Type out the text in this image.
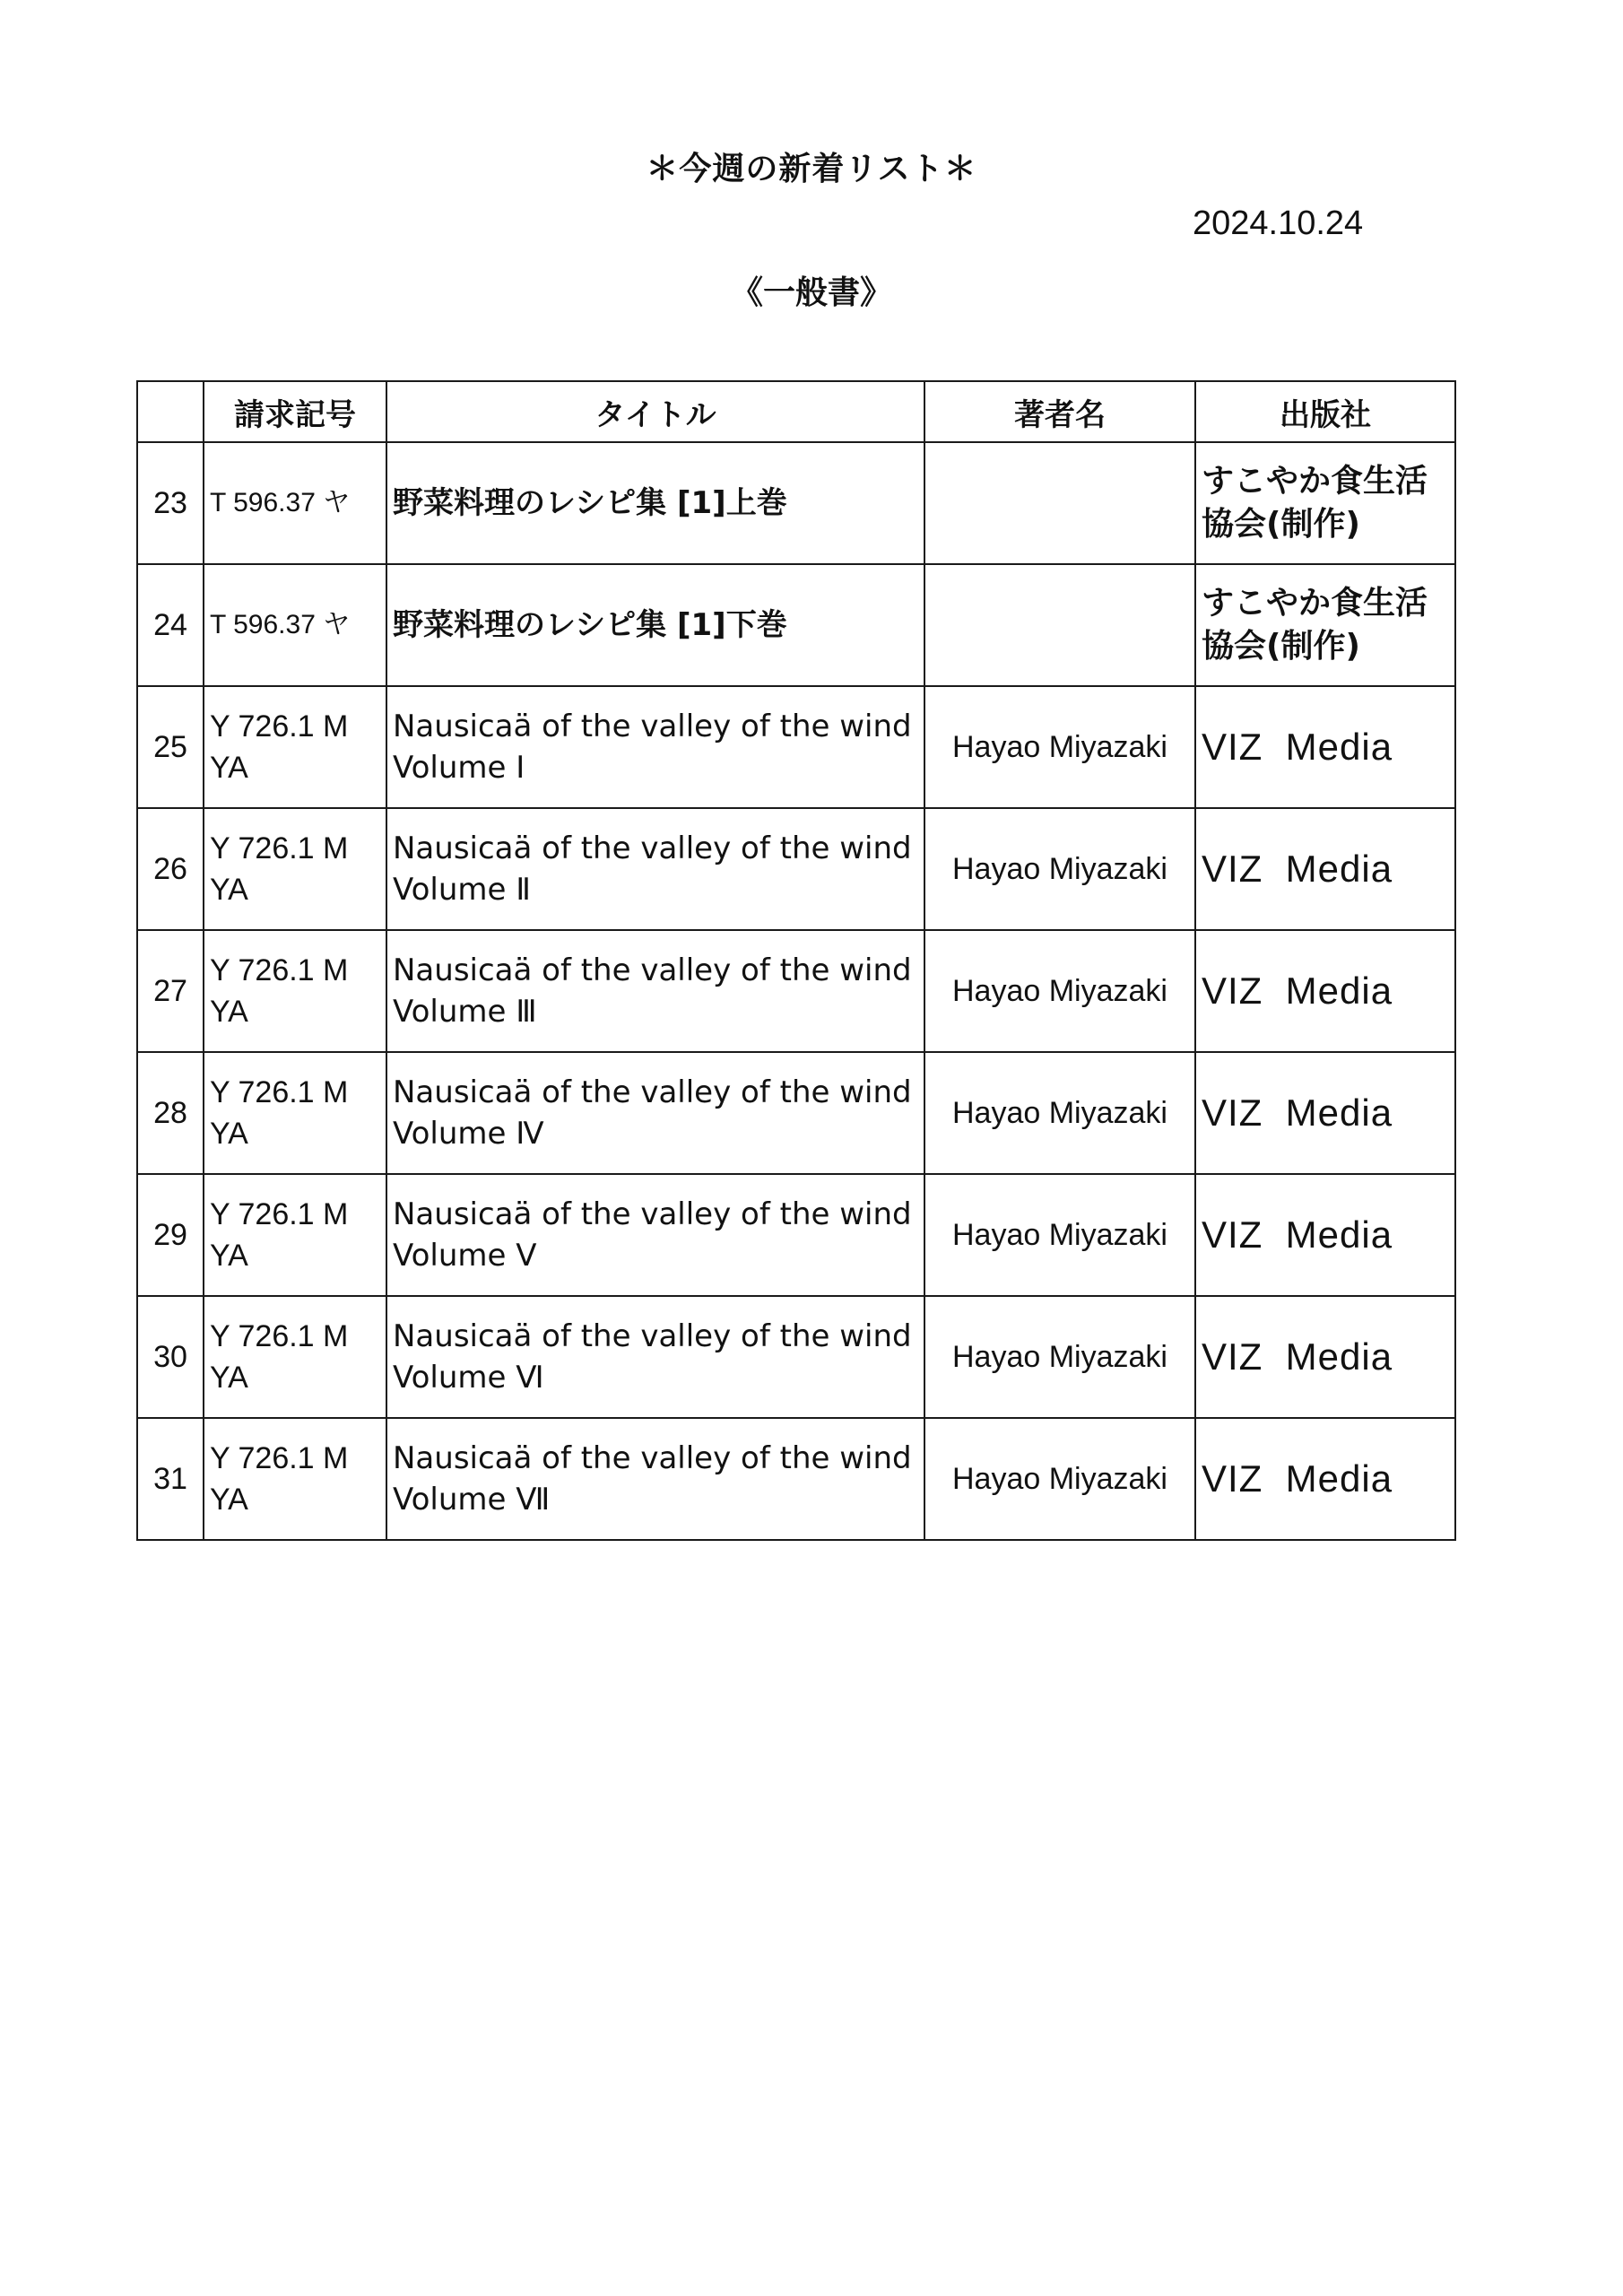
＊今週の新着リスト＊
2024.10.24
《一般書》
	請求記号	タイトル	著者名	出版社
23	T 596.37 ヤ	野菜料理のレシピ集 [1]上巻		すこやか食生活協会(制作)
24	T 596.37 ヤ	野菜料理のレシピ集 [1]下巻		すこやか食生活協会(制作)
25	Y 726.1 M YA	Nausicaä of the valley of the wind Volume Ⅰ	Hayao Miyazaki	VIZ  Media
26	Y 726.1 M YA	Nausicaä of the valley of the wind Volume Ⅱ	Hayao Miyazaki	VIZ  Media
27	Y 726.1 M YA	Nausicaä of the valley of the wind Volume Ⅲ	Hayao Miyazaki	VIZ  Media
28	Y 726.1 M YA	Nausicaä of the valley of the wind Volume Ⅳ	Hayao Miyazaki	VIZ  Media
29	Y 726.1 M YA	Nausicaä of the valley of the wind Volume Ⅴ	Hayao Miyazaki	VIZ  Media
30	Y 726.1 M YA	Nausicaä of the valley of the wind Volume Ⅵ	Hayao Miyazaki	VIZ  Media
31	Y 726.1 M YA	Nausicaä of the valley of the wind Volume Ⅶ	Hayao Miyazaki	VIZ  Media
